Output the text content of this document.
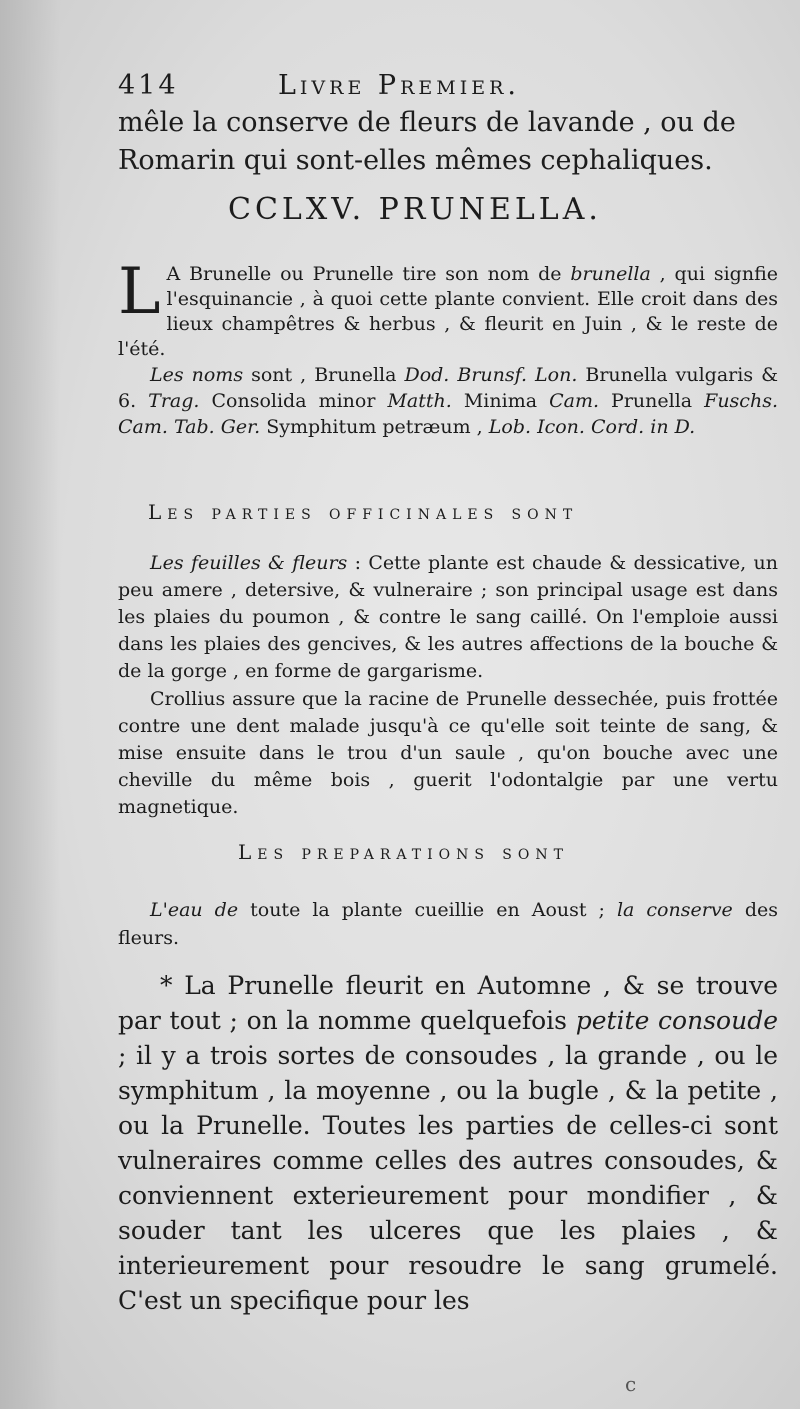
414	Livre Premier.

mêle la conserve de fleurs de lavande , ou de Romarin qui sont-elles mêmes cephaliques.

CCLXV. PRUNELLA.

L A Brunelle ou Prunelle tire son nom de brunella , qui signfie l'esquinancie , à quoi cette plante convient. Elle croit dans des lieux champêtres & herbus , & fleurit en Juin , & le reste de l'été.

Les noms sont , Brunella Dod. Brunsf. Lon. Brunella vulgaris & 6. Trag. Consolida minor Matth. Minima Cam. Prunella Fuschs. Cam. Tab. Ger. Symphitum petræum , Lob. Icon. Cord. in D.

Les parties officinales sont

Les feuilles & fleurs : Cette plante est chaude & dessicative, un peu amere , detersive, & vulneraire ; son principal usage est dans les plaies du poumon , & contre le sang caillé. On l'emploie aussi dans les plaies des gencives, & les autres affections de la bouche & de la gorge , en forme de gargarisme.

Crollius assure que la racine de Prunelle dessechée, puis frottée contre une dent malade jusqu'à ce qu'elle soit teinte de sang, & mise ensuite dans le trou d'un saule , qu'on bouche avec une cheville du même bois , guerit l'odontalgie par une vertu magnetique.

Les preparations sont

L'eau de toute la plante cueillie en Aoust ; la conserve des fleurs.

* La Prunelle fleurit en Automne , & se trouve par tout ; on la nomme quelquefois petite consoude ; il y a trois sortes de consoudes , la grande , ou le symphitum , la moyenne , ou la bugle , & la petite , ou la Prunelle. Toutes les parties de celles-ci sont vulneraires comme celles des autres consoudes, & conviennent exterieurement pour mondifier , & souder tant les ulceres que les plaies , & interieurement pour resoudre le sang grumelé. C'est un specifique pour les

c
